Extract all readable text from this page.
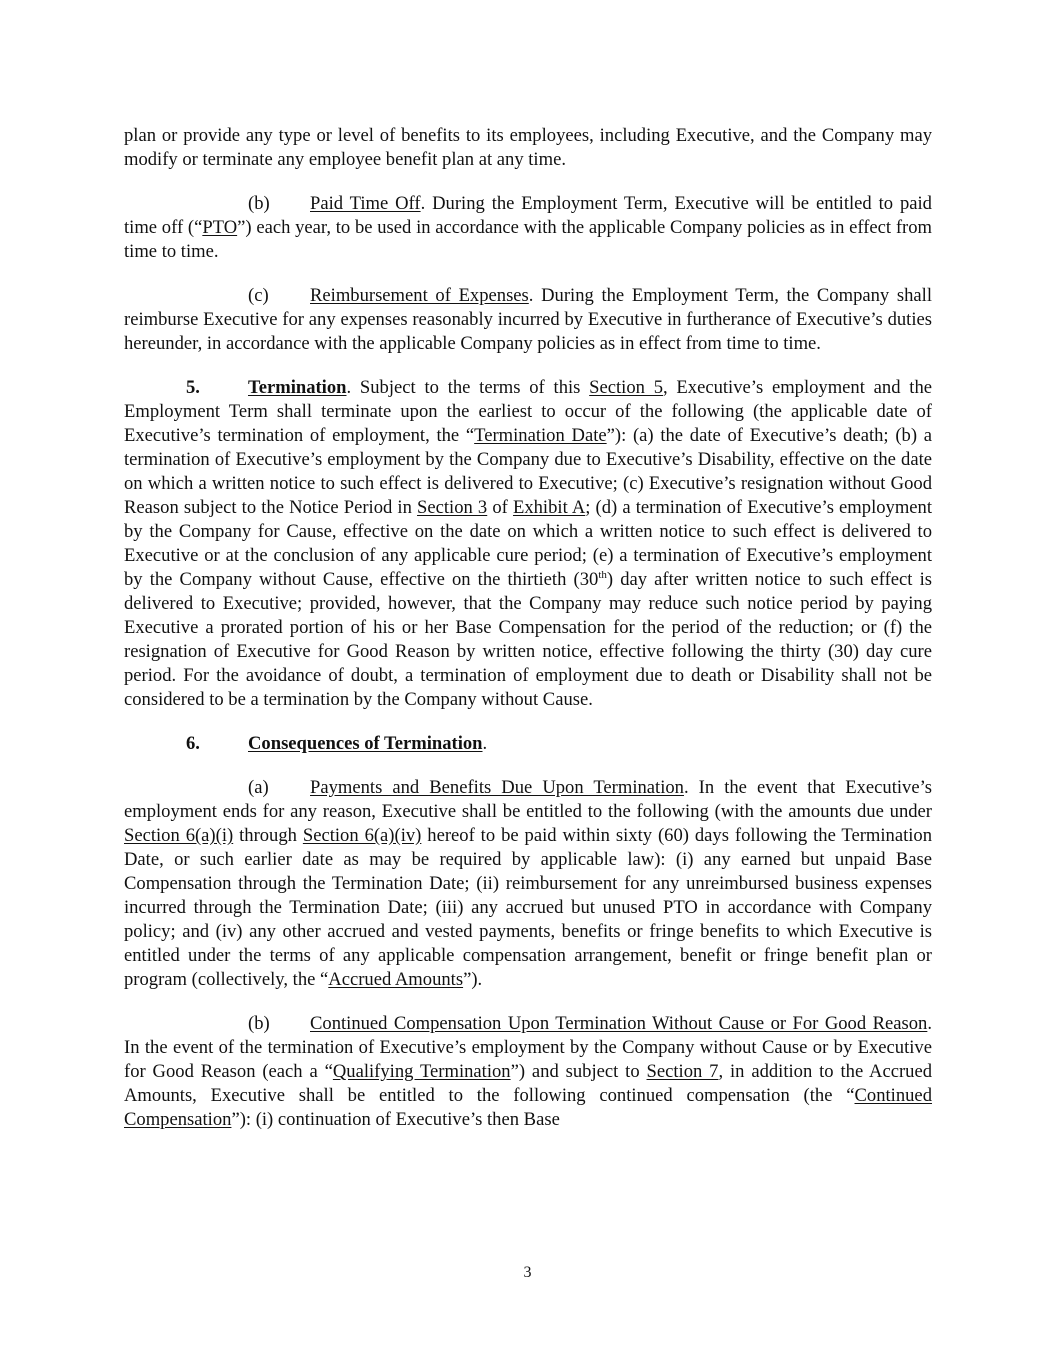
plan or provide any type or level of benefits to its employees, including Executive, and the Company may modify or terminate any employee benefit plan at any time.

(b) Paid Time Off. During the Employment Term, Executive will be entitled to paid time off (“PTO”) each year, to be used in accordance with the applicable Company policies as in effect from time to time.

(c) Reimbursement of Expenses. During the Employment Term, the Company shall reimburse Executive for any expenses reasonably incurred by Executive in furtherance of Executive’s duties hereunder, in accordance with the applicable Company policies as in effect from time to time.

5.	Termination. Subject to the terms of this Section 5, Executive’s employment and the Employment Term shall terminate upon the earliest to occur of the following (the applicable date of Executive’s termination of employment, the “Termination Date”): (a) the date of Executive’s death; (b) a termination of Executive’s employment by the Company due to Executive’s Disability, effective on the date on which a written notice to such effect is delivered to Executive; (c) Executive’s resignation without Good Reason subject to the Notice Period in Section 3 of Exhibit A; (d) a termination of Executive’s employment by the Company for Cause, effective on the date on which a written notice to such effect is delivered to Executive or at the conclusion of any applicable cure period; (e) a termination of Executive’s employment by the Company without Cause, effective on the thirtieth (30th) day after written notice to such effect is delivered to Executive; provided, however, that the Company may reduce such notice period by paying Executive a prorated portion of his or her Base Compensation for the period of the reduction; or (f) the resignation of Executive for Good Reason by written notice, effective following the thirty (30) day cure period. For the avoidance of doubt, a termination of employment due to death or Disability shall not be considered to be a termination by the Company without Cause.

6.	Consequences of Termination.

(a) Payments and Benefits Due Upon Termination. In the event that Executive’s employment ends for any reason, Executive shall be entitled to the following (with the amounts due under Section 6(a)(i) through Section 6(a)(iv) hereof to be paid within sixty (60) days following the Termination Date, or such earlier date as may be required by applicable law): (i) any earned but unpaid Base Compensation through the Termination Date; (ii) reimbursement for any unreimbursed business expenses incurred through the Termination Date; (iii) any accrued but unused PTO in accordance with Company policy; and (iv) any other accrued and vested payments, benefits or fringe benefits to which Executive is entitled under the terms of any applicable compensation arrangement, benefit or fringe benefit plan or program (collectively, the “Accrued Amounts”).

(b) Continued Compensation Upon Termination Without Cause or For Good Reason. In the event of the termination of Executive’s employment by the Company without Cause or by Executive for Good Reason (each a “Qualifying Termination”) and subject to Section 7, in addition to the Accrued Amounts, Executive shall be entitled to the following continued compensation (the “Continued Compensation”): (i) continuation of Executive’s then Base

3
